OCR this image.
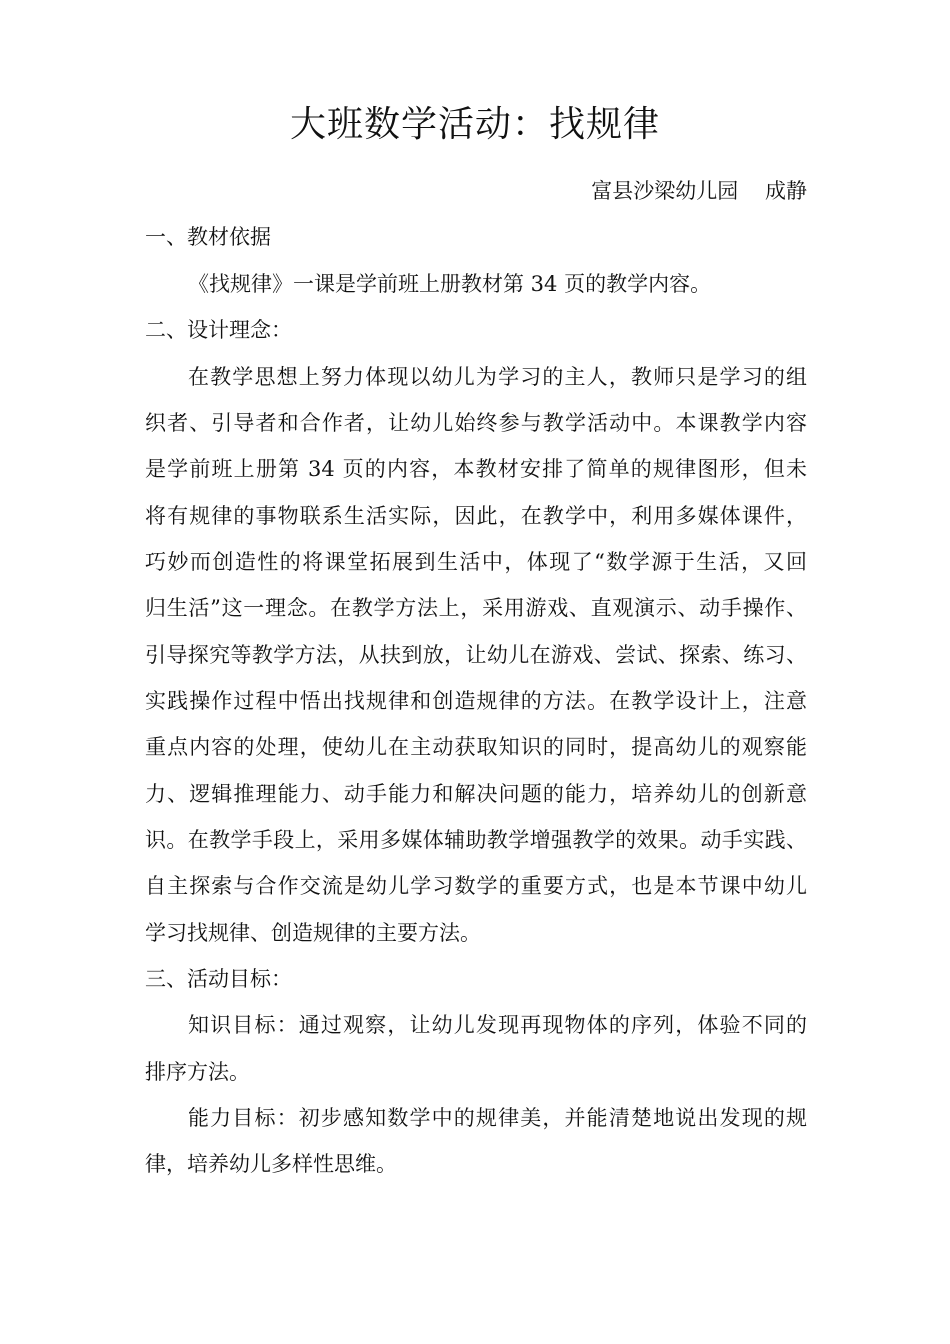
大班数学活动：找规律
富县沙梁幼儿园    成静
一、教材依据
《找规律》一课是学前班上册教材第 34 页的教学内容。
二、设计理念：
在教学思想上努力体现以幼儿为学习的主人，教师只是学习的组
织者、引导者和合作者，让幼儿始终参与教学活动中。本课教学内容
是学前班上册第 34 页的内容，本教材安排了简单的规律图形，但未
将有规律的事物联系生活实际，因此，在教学中，利用多媒体课件，
巧妙而创造性的将课堂拓展到生活中，体现了“数学源于生活，又回
归生活”这一理念。在教学方法上，采用游戏、直观演示、动手操作、
引导探究等教学方法，从扶到放，让幼儿在游戏、尝试、探索、练习、
实践操作过程中悟出找规律和创造规律的方法。在教学设计上，注意
重点内容的处理，使幼儿在主动获取知识的同时，提高幼儿的观察能
力、逻辑推理能力、动手能力和解决问题的能力，培养幼儿的创新意
识。在教学手段上，采用多媒体辅助教学增强教学的效果。动手实践、
自主探索与合作交流是幼儿学习数学的重要方式，也是本节课中幼儿
学习找规律、创造规律的主要方法。
三、活动目标：
知识目标：通过观察，让幼儿发现再现物体的序列，体验不同的
排序方法。
能力目标：初步感知数学中的规律美，并能清楚地说出发现的规
律，培养幼儿多样性思维。
